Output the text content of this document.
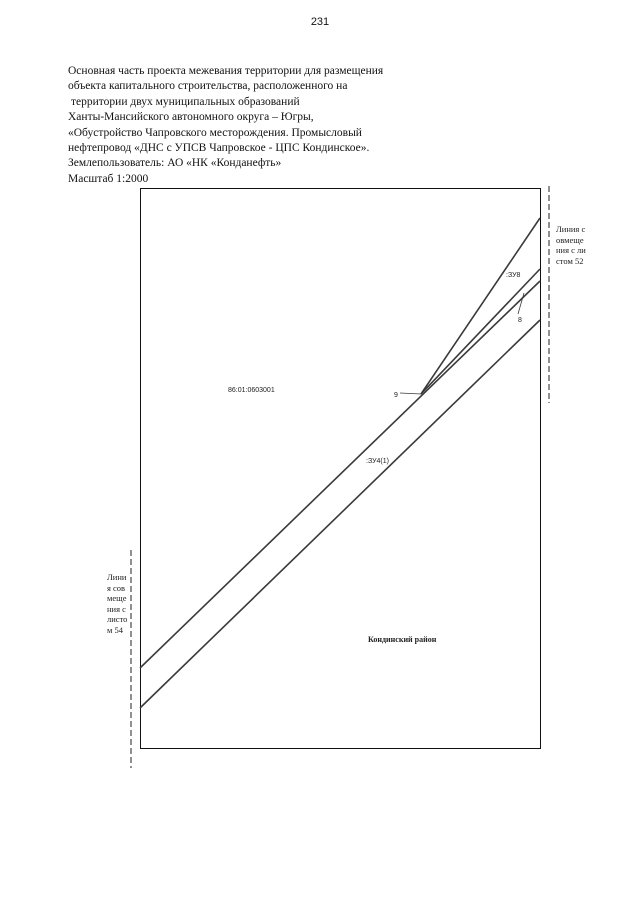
231
Основная часть проекта межевания территории для размещения
объекта капитального строительства, расположенного на
территории двух муниципальных образований
Ханты-Мансийского автономного округа – Югры,
«Обустройство Чапровского месторождения. Промысловый
нефтепровод «ДНС с УПСВ Чапровское - ЦПС Кондинское».
Землепользователь: АО «НК «Конданефть»
Масштаб 1:2000
86:01:0603001
:ЗУ4(1)
:ЗУ8
9
8
Кондинский район
Линия совмещения с листом 52
Линия совмещения с листом 54
